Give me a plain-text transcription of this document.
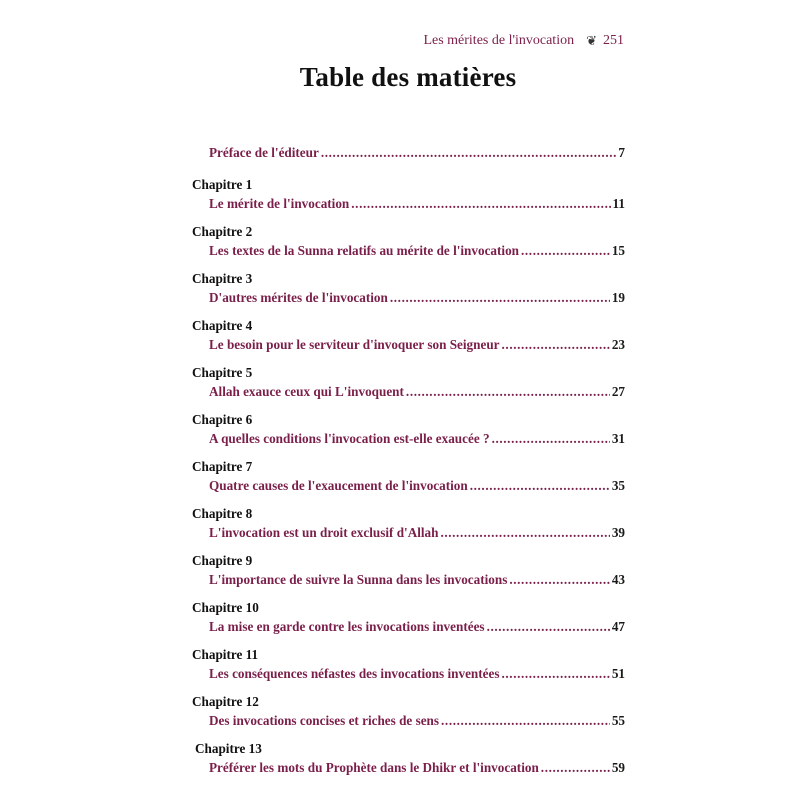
Les mérites de l'invocation ❦ 251
Table des matières
Préface de l'éditeur .....	7
Chapitre 1
Le mérite de l'invocation .....	11
Chapitre 2
Les textes de la Sunna relatifs au mérite de l'invocation .....	15
Chapitre 3
D'autres mérites de l'invocation .....	19
Chapitre 4
Le besoin pour le serviteur d'invoquer son Seigneur .....	23
Chapitre 5
Allah exauce ceux qui L'invoquent .....	27
Chapitre 6
A quelles conditions l'invocation est-elle exaucée ? .....	31
Chapitre 7
Quatre causes de l'exaucement de l'invocation .....	35
Chapitre 8
L'invocation est un droit exclusif d'Allah .....	39
Chapitre 9
L'importance de suivre la Sunna dans les invocations .....	43
Chapitre 10
La mise en garde contre les invocations inventées .....	47
Chapitre 11
Les conséquences néfastes des invocations inventées .....	51
Chapitre 12
Des invocations concises et riches de sens .....	55
Chapitre 13
Préférer les mots du Prophète dans le Dhikr et l'invocation .....	59
